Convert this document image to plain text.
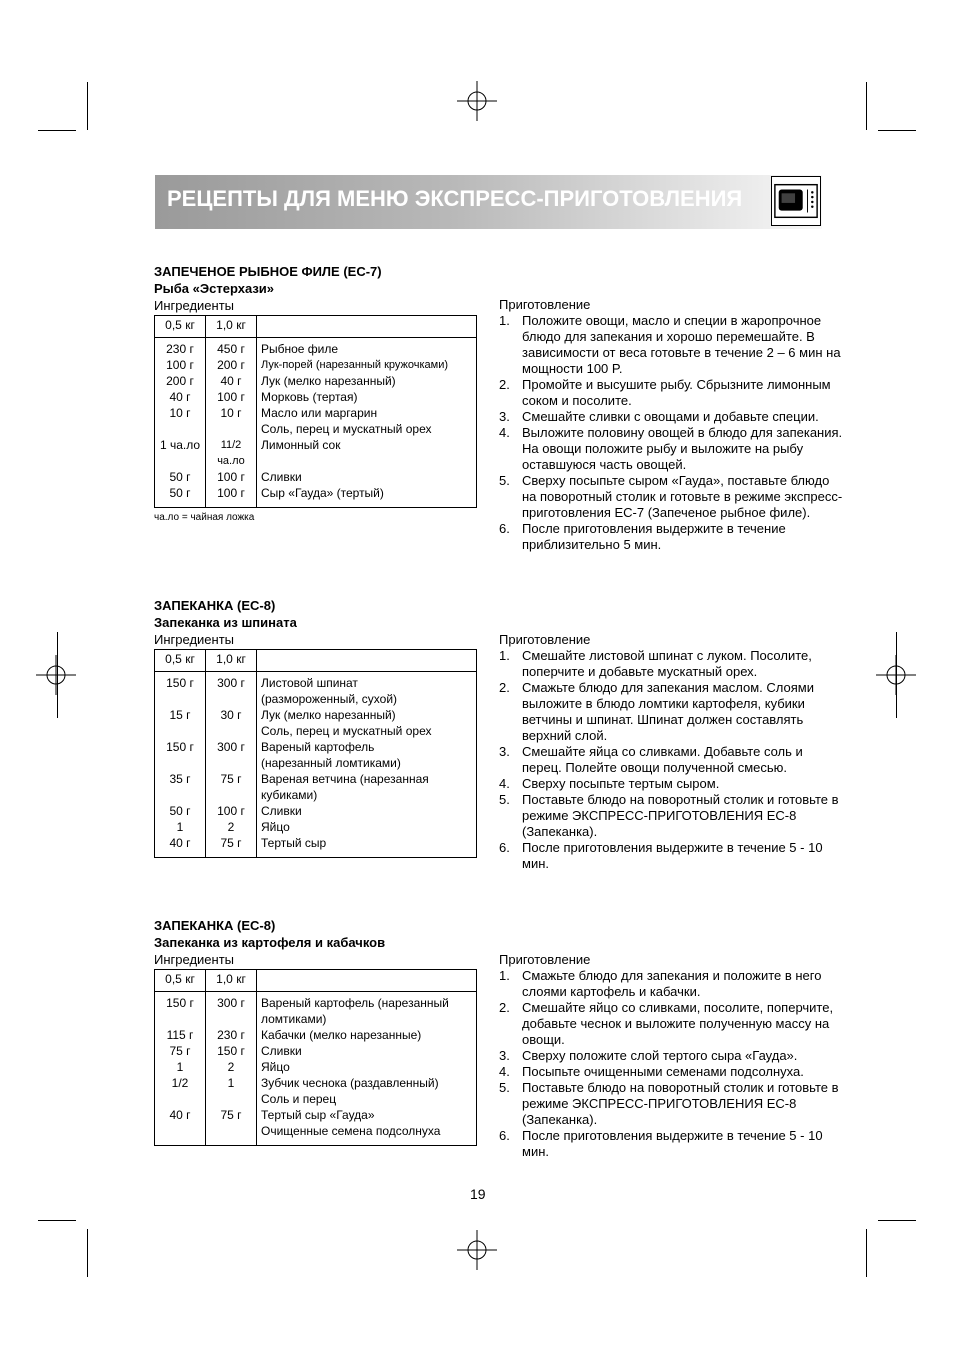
РЕЦЕПТЫ ДЛЯ МЕНЮ ЭКСПРЕСС-ПРИГОТОВЛЕНИЯ
ЗАПЕЧЕНОЕ РЫБНОЕ ФИЛЕ (EC-7)
Рыба «Эстерхази»
Ингредиенты
0,5 кг	1,0 кг	
230 г	450 г	Рыбное филе
100 г	200 г	Лук-порей (нарезанный кружочками)
200 г	40 г	Лук (мелко нарезанный)
40 г	100 г	Морковь (тертая)
10 г	10 г	Масло или маргарин
		Соль, перец и мускатный орех
1 ча.ло	11/2 ча.ло	Лимонный сок
50 г	100 г	Сливки
50 г	100 г	Сыр «Гауда» (тертый)
ча.ло = чайная ложка
Приготовление
1. Положите овощи, масло и специи в жаропрочное блюдо для запекания и хорошо перемешайте. В зависимости от веса готовьте в течение 2 – 6 мин на мощности 100 P.
2. Промойте и высушите рыбу. Сбрызните лимонным соком и посолите.
3. Смешайте сливки с овощами и добавьте специи.
4. Выложите половину овощей в блюдо для запекания. На овощи положите рыбу и выложите на рыбу оставшуюся часть овощей.
5. Сверху посыпьте сыром «Гауда», поставьте блюдо на поворотный столик и готовьте в режиме экспресс-приготовления EC-7 (Запеченое рыбное филе).
6. После приготовления выдержите в течение приблизительно 5 мин.
ЗАПЕКАНКА (EC-8)
Запеканка из шпината
Ингредиенты
0,5 кг	1,0 кг	
150 г	300 г	Листовой шпинат
		(размороженный, сухой)
15 г	30 г	Лук (мелко нарезанный)
		Соль, перец и мускатный орех
150 г	300 г	Вареный картофель
		(нарезанный ломтиками)
35 г	75 г	Вареная ветчина (нарезанная
		кубиками)
50 г	100 г	Сливки
1	2	Яйцо
40 г	75 г	Тертый сыр
Приготовление
1. Смешайте листовой шпинат с луком. Посолите, поперчите и добавьте мускатный орех.
2. Смажьте блюдо для запекания маслом. Слоями выложите в блюдо ломтики картофеля, кубики ветчины и шпинат. Шпинат должен составлять верхний слой.
3. Смешайте яйца со сливками. Добавьте соль и перец. Полейте овощи полученной смесью.
4. Сверху посыпьте тертым сыром.
5. Поставьте блюдо на поворотный столик и готовьте в режиме ЭКСПРЕСС-ПРИГОТОВЛЕНИЯ EC-8 (Запеканка).
6. После приготовления выдержите в течение 5 - 10 мин.
ЗАПЕКАНКА (EC-8)
Запеканка из картофеля и кабачков
Ингредиенты
0,5 кг	1,0 кг	
150 г	300 г	Вареный картофель (нарезанный
		ломтиками)
115 г	230 г	Кабачки (мелко нарезанные)
75 г	150 г	Сливки
1	2	Яйцо
1/2	1	Зубчик чеснока (раздавленный)
		Соль и перец
40 г	75 г	Тертый сыр «Гауда»
		Очищенные семена подсолнуха
Приготовление
1. Смажьте блюдо для запекания и положите в него слоями картофель и кабачки.
2. Смешайте яйцо со сливками, посолите, поперчите, добавьте чеснок и выложите полученную массу на овощи.
3. Сверху положите слой тертого сыра «Гауда».
4. Посыпьте очищенными семенами подсолнуха.
5. Поставьте блюдо на поворотный столик и готовьте в режиме ЭКСПРЕСС-ПРИГОТОВЛЕНИЯ EC-8 (Запеканка).
6. После приготовления выдержите в течение 5 - 10 мин.
19
